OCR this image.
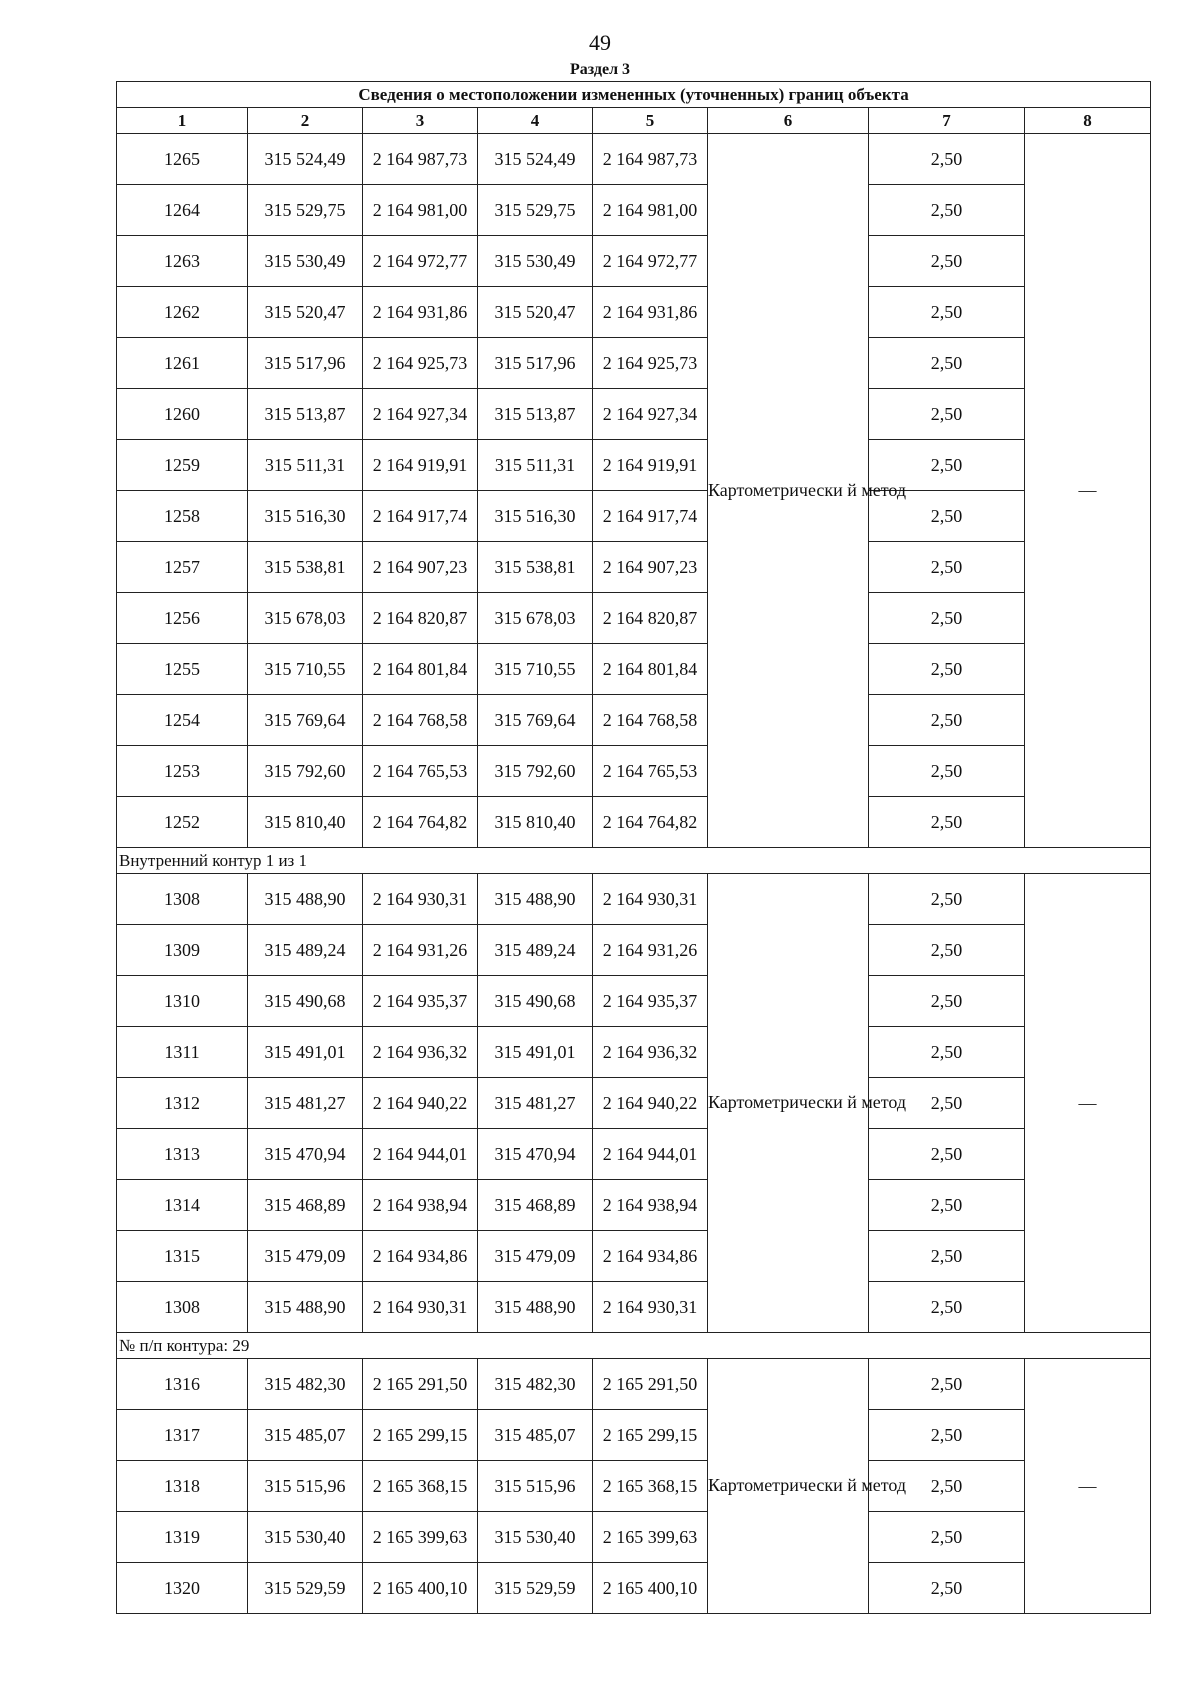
49
Раздел 3
Сведения о местоположении измененных (уточненных) границ объекта							
1	2	3	4	5	6	7	8
1265	315 524,49	2 164 987,73	315 524,49	2 164 987,73	Картометрически й метод	2,50	—
1264	315 529,75	2 164 981,00	315 529,75	2 164 981,00		2,50	
1263	315 530,49	2 164 972,77	315 530,49	2 164 972,77		2,50	
1262	315 520,47	2 164 931,86	315 520,47	2 164 931,86		2,50	
1261	315 517,96	2 164 925,73	315 517,96	2 164 925,73		2,50	
1260	315 513,87	2 164 927,34	315 513,87	2 164 927,34		2,50	
1259	315 511,31	2 164 919,91	315 511,31	2 164 919,91		2,50	
1258	315 516,30	2 164 917,74	315 516,30	2 164 917,74		2,50	
1257	315 538,81	2 164 907,23	315 538,81	2 164 907,23		2,50	
1256	315 678,03	2 164 820,87	315 678,03	2 164 820,87		2,50	
1255	315 710,55	2 164 801,84	315 710,55	2 164 801,84		2,50	
1254	315 769,64	2 164 768,58	315 769,64	2 164 768,58		2,50	
1253	315 792,60	2 164 765,53	315 792,60	2 164 765,53		2,50	
1252	315 810,40	2 164 764,82	315 810,40	2 164 764,82		2,50	
Внутренний контур 1 из 1							
1308	315 488,90	2 164 930,31	315 488,90	2 164 930,31	Картометрически й метод	2,50	—
1309	315 489,24	2 164 931,26	315 489,24	2 164 931,26		2,50	
1310	315 490,68	2 164 935,37	315 490,68	2 164 935,37		2,50	
1311	315 491,01	2 164 936,32	315 491,01	2 164 936,32		2,50	
1312	315 481,27	2 164 940,22	315 481,27	2 164 940,22		2,50	
1313	315 470,94	2 164 944,01	315 470,94	2 164 944,01		2,50	
1314	315 468,89	2 164 938,94	315 468,89	2 164 938,94		2,50	
1315	315 479,09	2 164 934,86	315 479,09	2 164 934,86		2,50	
1308	315 488,90	2 164 930,31	315 488,90	2 164 930,31		2,50	
№ п/п контура: 29							
1316	315 482,30	2 165 291,50	315 482,30	2 165 291,50	Картометрически й метод	2,50	—
1317	315 485,07	2 165 299,15	315 485,07	2 165 299,15		2,50	
1318	315 515,96	2 165 368,15	315 515,96	2 165 368,15		2,50	
1319	315 530,40	2 165 399,63	315 530,40	2 165 399,63		2,50	
1320	315 529,59	2 165 400,10	315 529,59	2 165 400,10		2,50	
